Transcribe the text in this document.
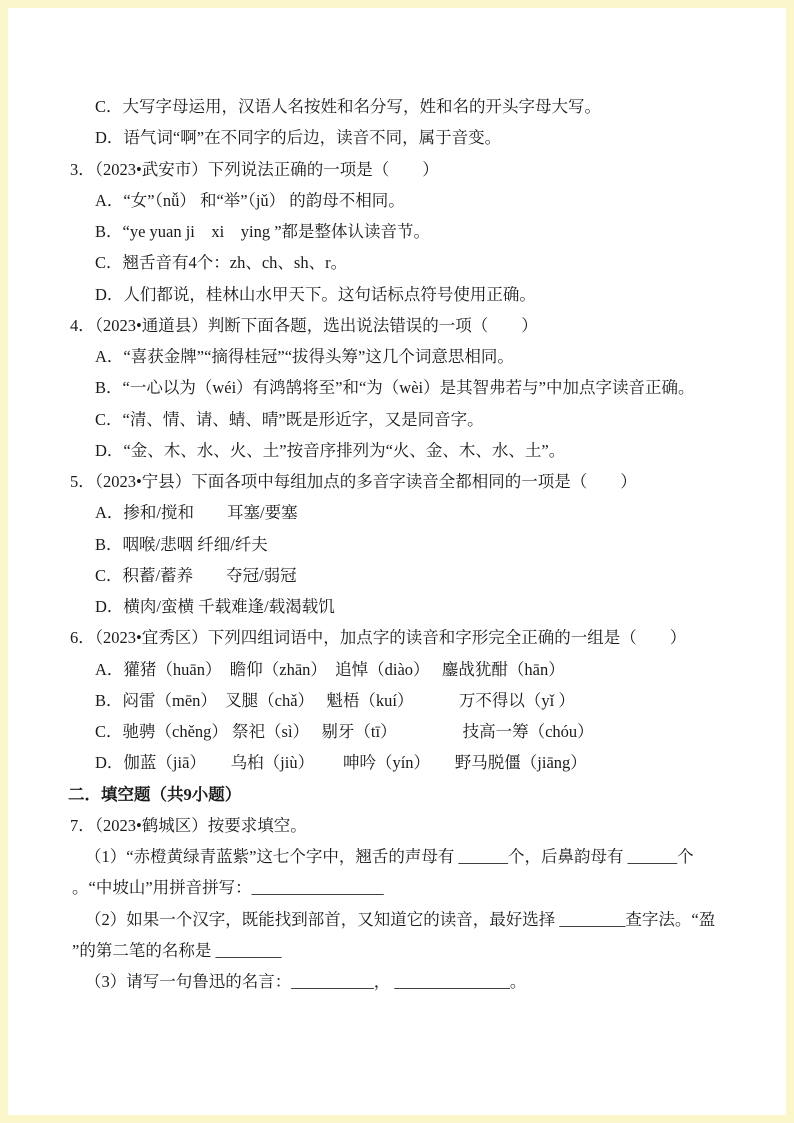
C．大写字母运用，汉语人名按姓和名分写，姓和名的开头字母大写。
D．语气词“啊”在不同字的后边，读音不同，属于音变。
3．（2023•武安市）下列说法正确的一项是（　　）
A．“女”（nǚ） 和“举”（jǔ） 的韵母不相同。
B．“ye yuan ji　xi　ying ”都是整体认读音节。
C．翘舌音有4个：zh、ch、sh、r。
D．人们都说，桂林山水甲天下。这句话标点符号使用正确。
4．（2023•通道县）判断下面各题，选出说法错误的一项（　　）
A．“喜获金牌”“摘得桂冠”“拔得头筹”这几个词意思相同。
B．“一心以为（wéi）有鸿鹄将至”和“为（wèi）是其智弗若与”中加点字读音正确。
C．“清、情、请、蜻、晴”既是形近字，又是同音字。
D．“金、木、水、火、土”按音序排列为“火、金、木、水、土”。
5．（2023•宁县）下面各项中每组加点的多音字读音全都相同的一项是（　　）
A．掺和/搅和　　耳塞/要塞
B．咽喉/悲咽 纤细/纤夫
C．积蓄/蓄养　　夺冠/弱冠
D．横肉/蛮横 千载难逢/载渴载饥
6．（2023•宜秀区）下列四组词语中，加点字的读音和字形完全正确的一组是（　　）
A．獾猪（huān）　瞻仰（zhān）　追悼（diào）　 鏖战犹酣（hān）
B．闷雷（mēn）　叉腿（chǎ）　 魁梧（kuí）　　　 万不得以（yǐ ）
C．驰骋（chěng） 祭祀（sì）　 剔牙（tī）　　　　  技高一筹（chóu）
D．伽蓝（jiā）　　乌桕（jiù）　　 呻吟（yín）　　野马脱僵（jiāng）
二．填空题（共9小题）
7．（2023•鹤城区）按要求填空。
（1）“赤橙黄绿青蓝紫”这七个字中，翘舌的声母有 ______个，后鼻韵母有 ______个
。“中坡山”用拼音拼写：________________
（2）如果一个汉字，既能找到部首，又知道它的读音，最好选择 ________查字法。“盈
”的第二笔的名称是 ________
（3）请写一句鲁迅的名言：__________， ______________。
